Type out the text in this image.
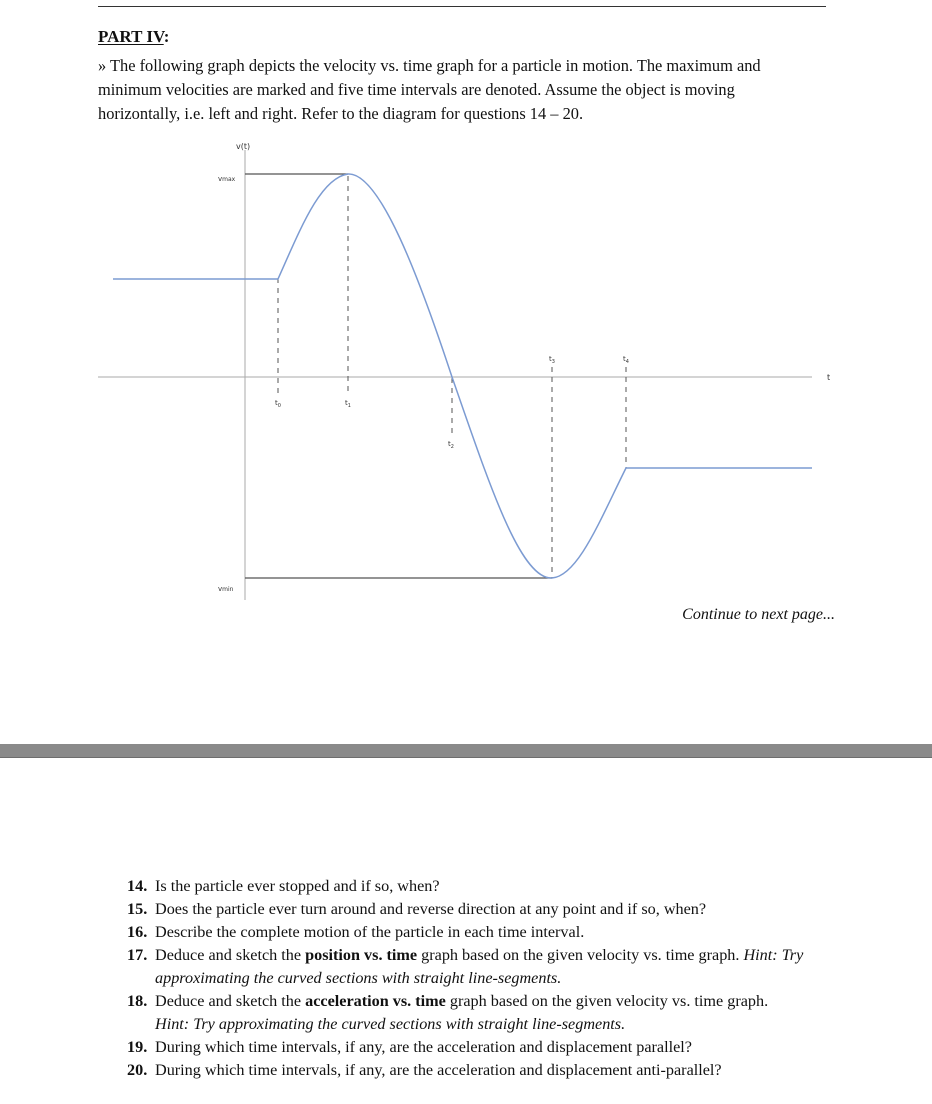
PART IV:
» The following graph depicts the velocity vs. time graph for a particle in motion. The maximum and minimum velocities are marked and five time intervals are denoted. Assume the object is moving horizontally, i.e. left and right. Refer to the diagram for questions 14 – 20.
v(t)
t
vmax
vmin
$t_0$	$t_1$
$t_2$
$t_3$	$t_4$
Continue to next page...
14. Is the particle ever stopped and if so, when?
15. Does the particle ever turn around and reverse direction at any point and if so, when?
16. Describe the complete motion of the particle in each time interval.
17. Deduce and sketch the position vs. time graph based on the given velocity vs. time graph. Hint: Try approximating the curved sections with straight line-segments.
18. Deduce and sketch the acceleration vs. time graph based on the given velocity vs. time graph.
Hint: Try approximating the curved sections with straight line-segments.
19. During which time intervals, if any, are the acceleration and displacement parallel?
20. During which time intervals, if any, are the acceleration and displacement anti-parallel?
